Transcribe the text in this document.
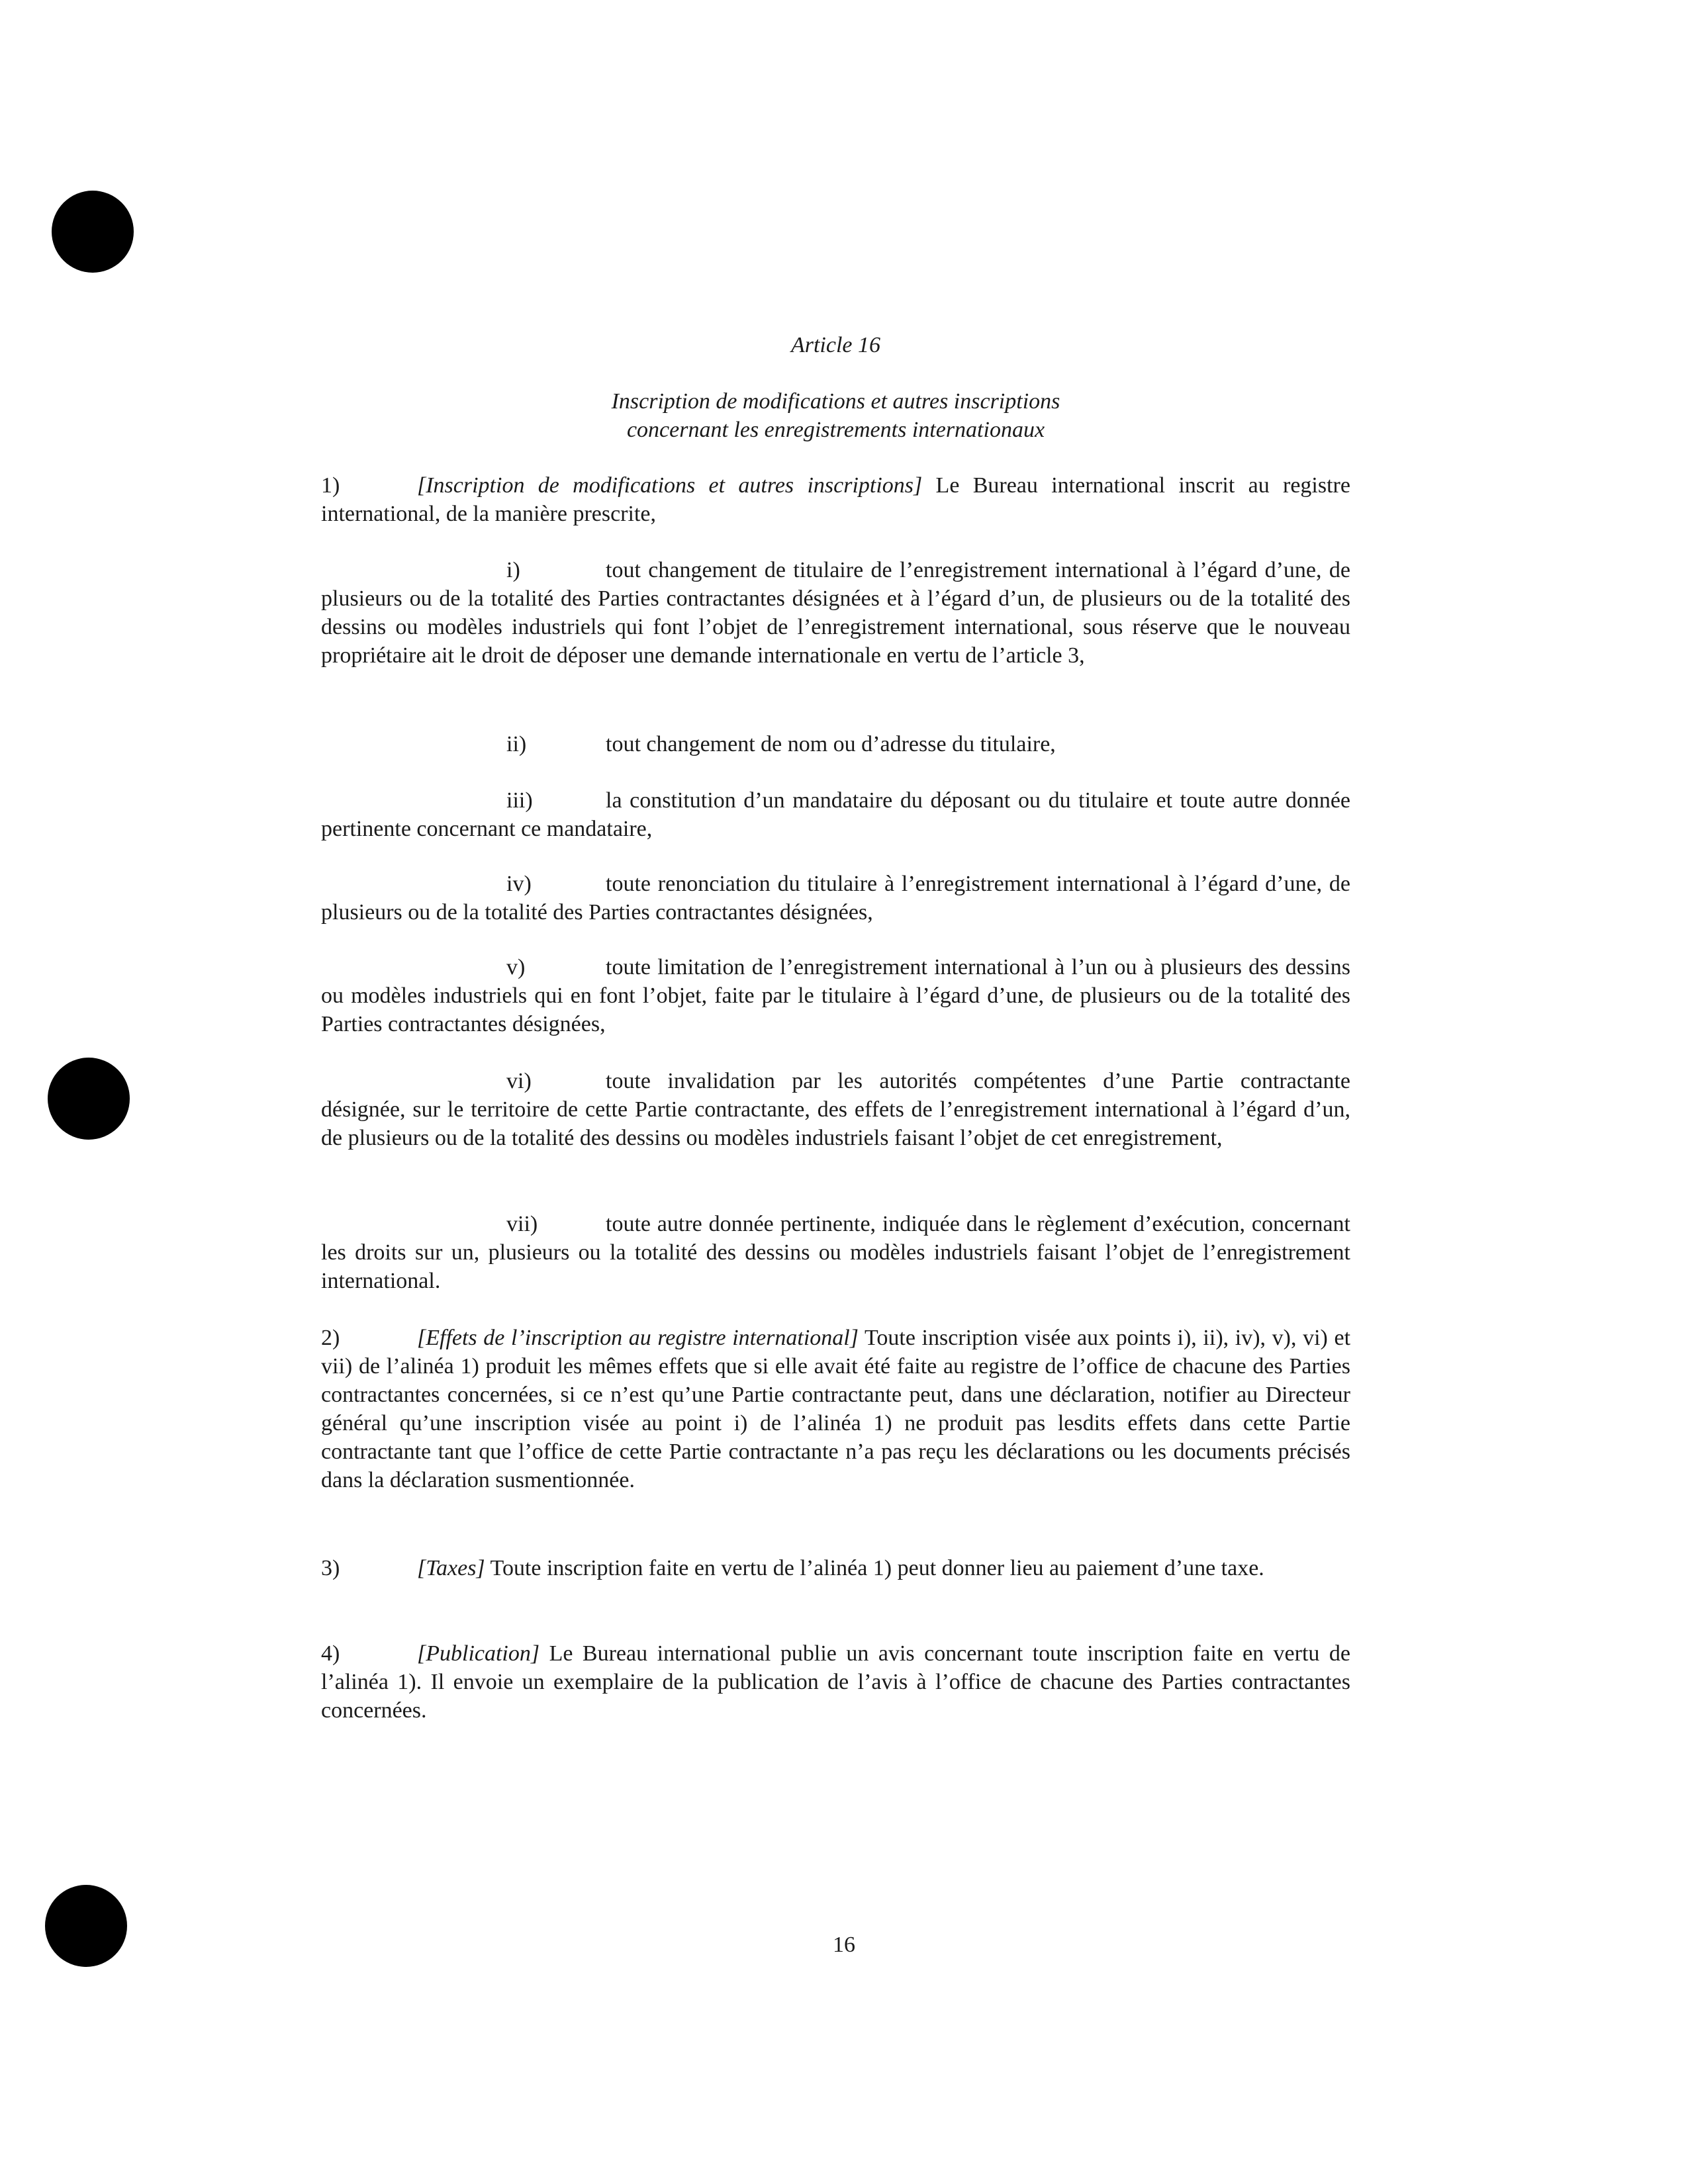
Article 16
Inscription de modifications et autres inscriptions
concernant les enregistrements internationaux

1)	[Inscription de modifications et autres inscriptions] Le Bureau international inscrit au registre international, de la manière prescrite,

i)	tout changement de titulaire de l’enregistrement international à l’égard d’une, de plusieurs ou de la totalité des Parties contractantes désignées et à l’égard d’un, de plusieurs ou de la totalité des dessins ou modèles industriels qui font l’objet de l’enregistrement international, sous réserve que le nouveau propriétaire ait le droit de déposer une demande internationale en vertu de l’article 3,

ii)	tout changement de nom ou d’adresse du titulaire,

iii)	la constitution d’un mandataire du déposant ou du titulaire et toute autre donnée pertinente concernant ce mandataire,

iv)	toute renonciation du titulaire à l’enregistrement international à l’égard d’une, de plusieurs ou de la totalité des Parties contractantes désignées,

v)	toute limitation de l’enregistrement international à l’un ou à plusieurs des dessins ou modèles industriels qui en font l’objet, faite par le titulaire à l’égard d’une, de plusieurs ou de la totalité des Parties contractantes désignées,

vi)	toute invalidation par les autorités compétentes d’une Partie contractante désignée, sur le territoire de cette Partie contractante, des effets de l’enregistrement international à l’égard d’un, de plusieurs ou de la totalité des dessins ou modèles industriels faisant l’objet de cet enregistrement,

vii)	toute autre donnée pertinente, indiquée dans le règlement d’exécution, concernant les droits sur un, plusieurs ou la totalité des dessins ou modèles industriels faisant l’objet de l’enregistrement international.

2)	[Effets de l’inscription au registre international] Toute inscription visée aux points i), ii), iv), v), vi) et vii) de l’alinéa 1) produit les mêmes effets que si elle avait été faite au registre de l’office de chacune des Parties contractantes concernées, si ce n’est qu’une Partie contractante peut, dans une déclaration, notifier au Directeur général qu’une inscription visée au point i) de l’alinéa 1) ne produit pas lesdits effets dans cette Partie contractante tant que l’office de cette Partie contractante n’a pas reçu les déclarations ou les documents précisés dans la déclaration susmentionnée.

3)	[Taxes] Toute inscription faite en vertu de l’alinéa 1) peut donner lieu au paiement d’une taxe.

4)	[Publication] Le Bureau international publie un avis concernant toute inscription faite en vertu de l’alinéa 1). Il envoie un exemplaire de la publication de l’avis à l’office de chacune des Parties contractantes concernées.

16
